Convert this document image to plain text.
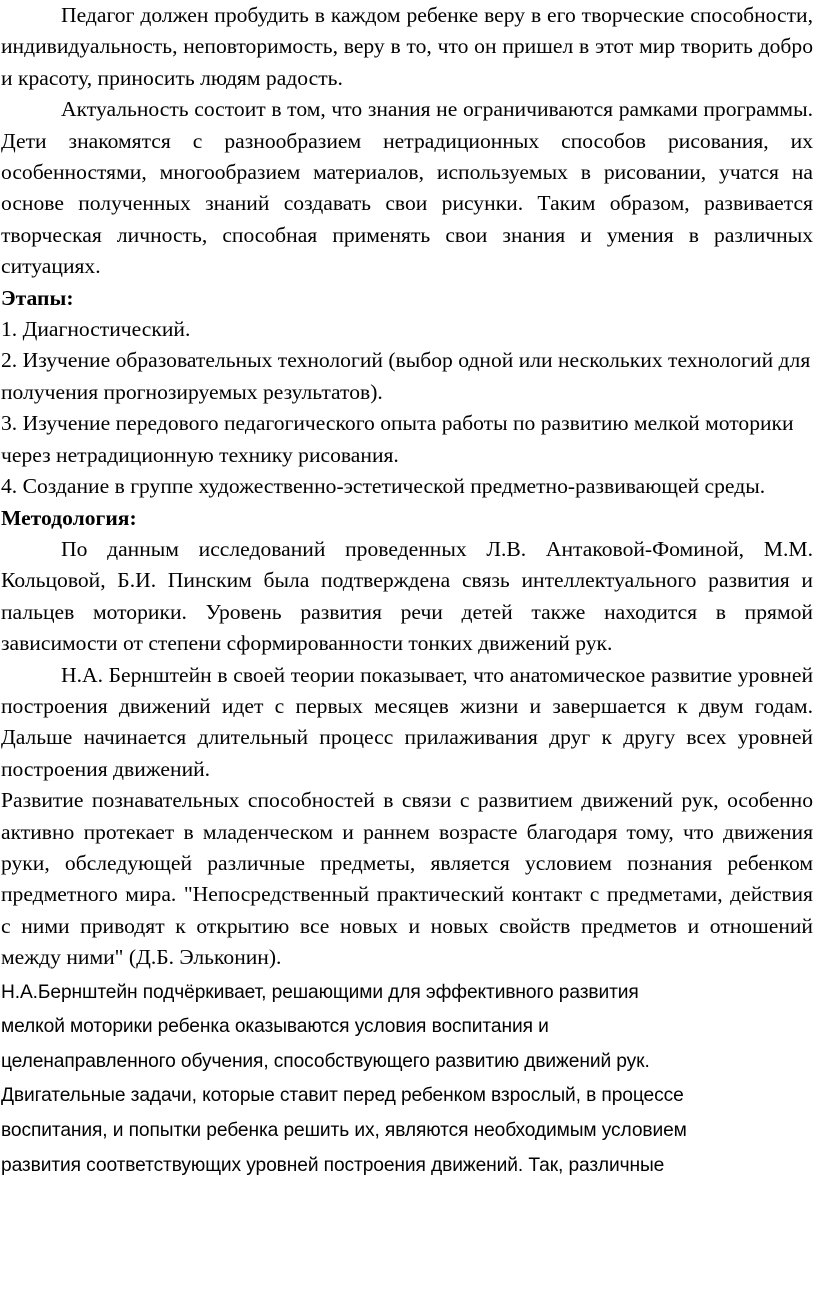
Педагог должен пробудить в каждом ребенке веру в его творческие способности, индивидуальность, неповторимость, веру в то, что он пришел в этот мир творить добро и красоту, приносить людям радость.

Актуальность состоит в том, что знания не ограничиваются рамками программы. Дети знакомятся с разнообразием нетрадиционных способов рисования, их особенностями, многообразием материалов, используемых в рисовании, учатся на основе полученных знаний создавать свои рисунки. Таким образом, развивается творческая личность, способная применять свои знания и умения в различных ситуациях.

Этапы:

1. Диагностический.

2. Изучение образовательных технологий (выбор одной или нескольких технологий для получения прогнозируемых результатов).

3. Изучение передового педагогического опыта работы по развитию мелкой моторики через нетрадиционную технику рисования.

4. Создание в группе художественно-эстетической предметно-развивающей среды.

Методология:

По данным исследований проведенных Л.В. Антаковой-Фоминой, М.М. Кольцовой, Б.И. Пинским была подтверждена связь интеллектуального развития и пальцев моторики. Уровень развития речи детей также находится в прямой зависимости от степени сформированности тонких движений рук.

Н.А. Бернштейн в своей теории показывает, что анатомическое развитие уровней построения движений идет с первых месяцев жизни и завершается к двум годам. Дальше начинается длительный процесс прилаживания друг к другу всех уровней построения движений.

Развитие познавательных способностей в связи с развитием движений рук, особенно активно протекает в младенческом и раннем возрасте благодаря тому, что движения руки, обследующей различные предметы, является условием познания ребенком предметного мира. "Непосредственный практический контакт с предметами, действия с ними приводят к открытию все новых и новых свойств предметов и отношений между ними" (Д.Б. Эльконин).

Н.А.Бернштейн подчёркивает, решающими для эффективного развития
мелкой моторики ребенка оказываются условия воспитания и
целенаправленного обучения, способствующего развитию движений рук.
Двигательные задачи, которые ставит перед ребенком взрослый, в процессе
воспитания, и попытки ребенка решить их, являются необходимым условием
развития соответствующих уровней построения движений. Так, различные
